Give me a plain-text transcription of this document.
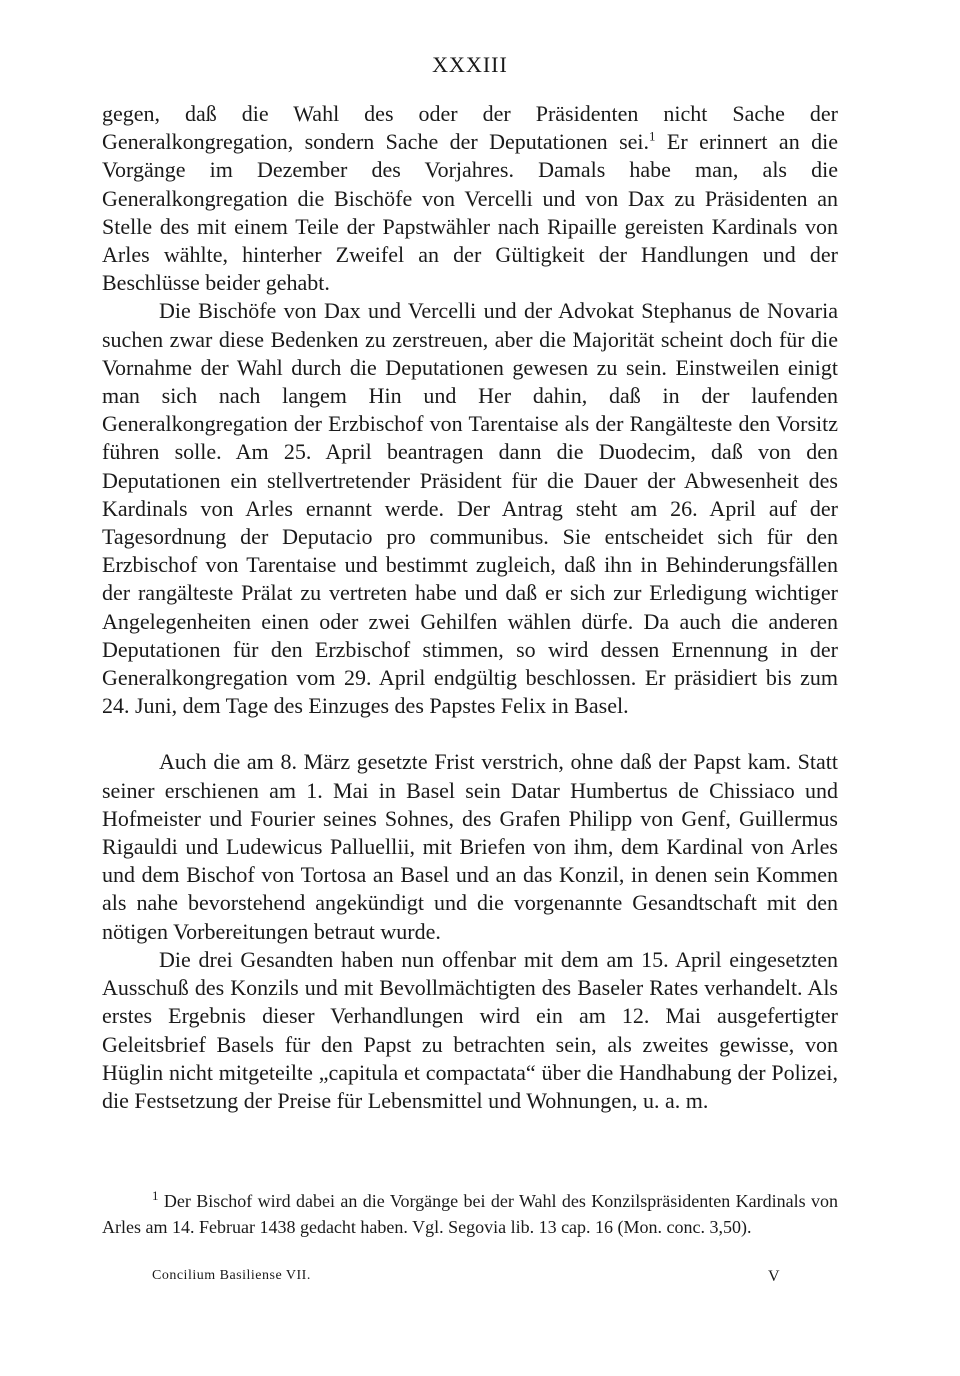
XXXIII

gegen, daß die Wahl des oder der Präsidenten nicht Sache der Generalkongregation, sondern Sache der Deputationen sei.$^1$ Er erinnert an die Vorgänge im Dezember des Vorjahres. Damals habe man, als die Generalkongregation die Bischöfe von Vercelli und von Dax zu Präsidenten an Stelle des mit einem Teile der Papstwähler nach Ripaille gereisten Kardinals von Arles wählte, hinterher Zweifel an der Gültigkeit der Handlungen und der Beschlüsse beider gehabt.

Die Bischöfe von Dax und Vercelli und der Advokat Stephanus de Novaria suchen zwar diese Bedenken zu zerstreuen, aber die Majorität scheint doch für die Vornahme der Wahl durch die Deputationen gewesen zu sein. Einstweilen einigt man sich nach langem Hin und Her dahin, daß in der laufenden Generalkongregation der Erzbischof von Tarentaise als der Rangälteste den Vorsitz führen solle. Am 25. April beantragen dann die Duodecim, daß von den Deputationen ein stellvertretender Präsident für die Dauer der Abwesenheit des Kardinals von Arles ernannt werde. Der Antrag steht am 26. April auf der Tagesordnung der Deputacio pro communibus. Sie entscheidet sich für den Erzbischof von Tarentaise und bestimmt zugleich, daß ihn in Behinderungsfällen der rangälteste Prälat zu vertreten habe und daß er sich zur Erledigung wichtiger Angelegenheiten einen oder zwei Gehilfen wählen dürfe. Da auch die anderen Deputationen für den Erzbischof stimmen, so wird dessen Ernennung in der Generalkongregation vom 29. April endgültig beschlossen. Er präsidiert bis zum 24. Juni, dem Tage des Einzuges des Papstes Felix in Basel.

Auch die am 8. März gesetzte Frist verstrich, ohne daß der Papst kam. Statt seiner erschienen am 1. Mai in Basel sein Datar Humbertus de Chissiaco und Hofmeister und Fourier seines Sohnes, des Grafen Philipp von Genf, Guillermus Rigauldi und Ludewicus Palluellii, mit Briefen von ihm, dem Kardinal von Arles und dem Bischof von Tortosa an Basel und an das Konzil, in denen sein Kommen als nahe bevorstehend angekündigt und die vorgenannte Gesandtschaft mit den nötigen Vorbereitungen betraut wurde.

Die drei Gesandten haben nun offenbar mit dem am 15. April eingesetzten Ausschuß des Konzils und mit Bevollmächtigten des Baseler Rates verhandelt. Als erstes Ergebnis dieser Verhandlungen wird ein am 12. Mai ausgefertigter Geleitsbrief Basels für den Papst zu betrachten sein, als zweites gewisse, von Hüglin nicht mitgeteilte „capitula et compactata“ über die Handhabung der Polizei, die Festsetzung der Preise für Lebensmittel und Wohnungen, u. a. m.

$^1$ Der Bischof wird dabei an die Vorgänge bei der Wahl des Konzilspräsidenten Kardinals von Arles am 14. Februar 1438 gedacht haben. Vgl. Segovia lib. 13 cap. 16 (Mon. conc. 3,50).
Concilium Basiliense VII.	V
